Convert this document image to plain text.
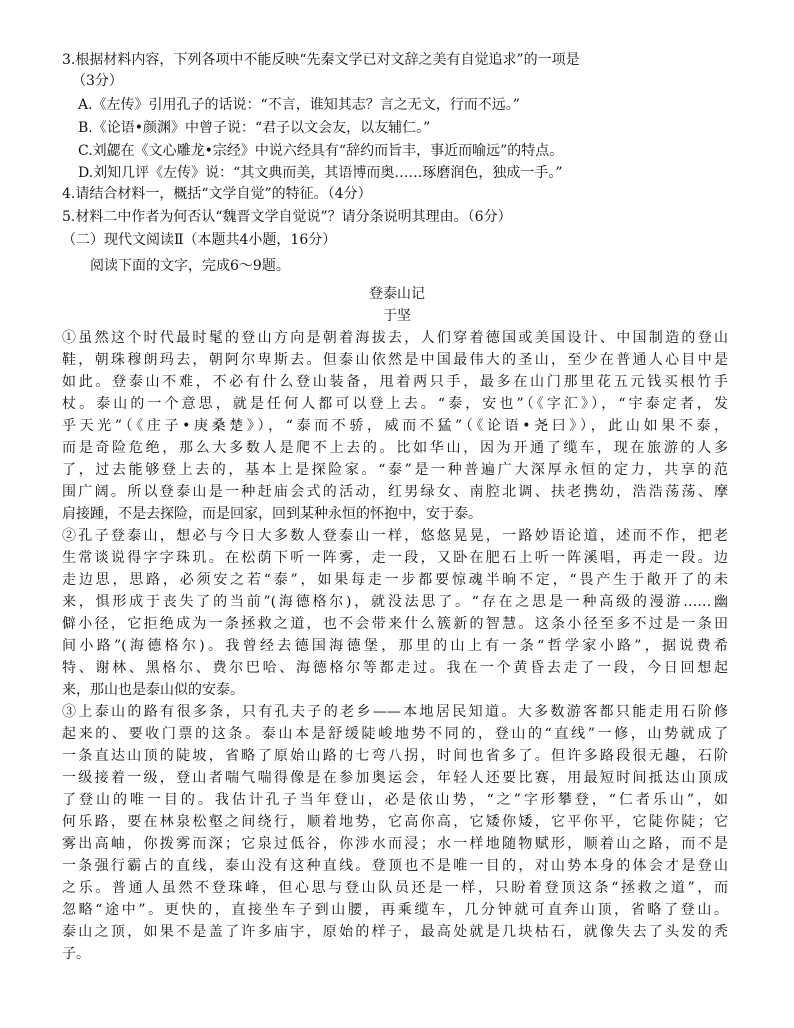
3.根据材料内容，下列各项中不能反映“先秦文学已对文辞之美有自觉追求”的一项是
（3分）
A.《左传》引用孔子的话说：“不言，谁知其志？言之无文，行而不远。”
B.《论语•颜渊》中曾子说：“君子以文会友，以友辅仁。”
C.刘勰在《文心雕龙•宗经》中说六经具有“辞约而旨丰，事近而喻远”的特点。
D.刘知几评《左传》说：“其文典而美，其语博而奥……琢磨润色，独成一手。”
4.请结合材料一，概括“文学自觉”的特征。（4分）
5.材料二中作者为何否认“魏晋文学自觉说”？请分条说明其理由。（6分）
（二）现代文阅读Ⅱ（本题共4小题，16分）
阅读下面的文字，完成6～9题。
登泰山记
于坚
①虽然这个时代最时髦的登山方向是朝着海拔去，人们穿着德国或美国设计、中国制造的登山
鞋，朝珠穆朗玛去，朝阿尔卑斯去。但泰山依然是中国最伟大的圣山，至少在普通人心目中是
如此。登泰山不难，不必有什么登山装备，甩着两只手，最多在山门那里花五元钱买根竹手
杖。泰山的一个意思，就是任何人都可以登上去。“泰，安也”（《字汇》），“宇泰定者，发
乎天光”（《庄子•庚桑楚》），“泰而不骄，威而不猛”（《论语•尧曰》），此山如果不泰，
而是奇险危绝，那么大多数人是爬不上去的。比如华山，因为开通了缆车，现在旅游的人多
了，过去能够登上去的，基本上是探险家。“泰”是一种普遍广大深厚永恒的定力，共享的范
围广阔。所以登泰山是一种赶庙会式的活动，红男绿女、南腔北调、扶老携幼，浩浩荡荡、摩
肩接踵，不是去探险，而是回家，回到某种永恒的怀抱中，安于泰。
②孔子登泰山，想必与今日大多数人登泰山一样，悠悠晃晃，一路妙语论道，述而不作，把老
生常谈说得字字珠玑。在松荫下听一阵雾，走一段，又卧在肥石上听一阵溪唱，再走一段。边
走边思，思路，必须安之若“泰”，如果每走一步都要惊魂半晌不定，“畏产生于敞开了的未
来，惧形成于丧失了的当前”(海德格尔)，就没法思了。“存在之思是一种高级的漫游……幽
僻小径，它拒绝成为一条拯救之道，也不会带来什么簇新的智慧。这条小径至多不过是一条田
间小路”(海德格尔)。我曾经去德国海德堡，那里的山上有一条“哲学家小路”，据说费希
特、谢林、黑格尔、费尔巴哈、海德格尔等都走过。我在一个黄昏去走了一段，今日回想起
来，那山也是泰山似的安泰。
③上泰山的路有很多条，只有孔夫子的老乡——本地居民知道。大多数游客都只能走用石阶修
起来的、要收门票的这条。泰山本是舒缓陡峻地势不同的，登山的“直线”一修，山势就成了
一条直达山顶的陡坡，省略了原始山路的七弯八拐，时间也省多了。但许多路段很无趣，石阶
一级接着一级，登山者喘气喘得像是在参加奥运会，年轻人还要比赛，用最短时间抵达山顶成
了登山的唯一目的。我估计孔子当年登山，必是依山势，“之”字形攀登，“仁者乐山”，如
何乐路，要在林泉松壑之间绕行，顺着地势，它高你高，它矮你矮，它平你平，它陡你陡；它
雾出高岫，你拨雾而深；它泉过低谷，你涉水而浸；水一样地随物赋形，顺着山之路，而不是
一条强行霸占的直线，泰山没有这种直线。登顶也不是唯一目的，对山势本身的体会才是登山
之乐。普通人虽然不登珠峰，但心思与登山队员还是一样，只盼着登顶这条“拯救之道”，而
忽略“途中”。更快的，直接坐车子到山腰，再乘缆车，几分钟就可直奔山顶，省略了登山。
泰山之顶，如果不是盖了许多庙宇，原始的样子，最高处就是几块枯石，就像失去了头发的秃
子。
